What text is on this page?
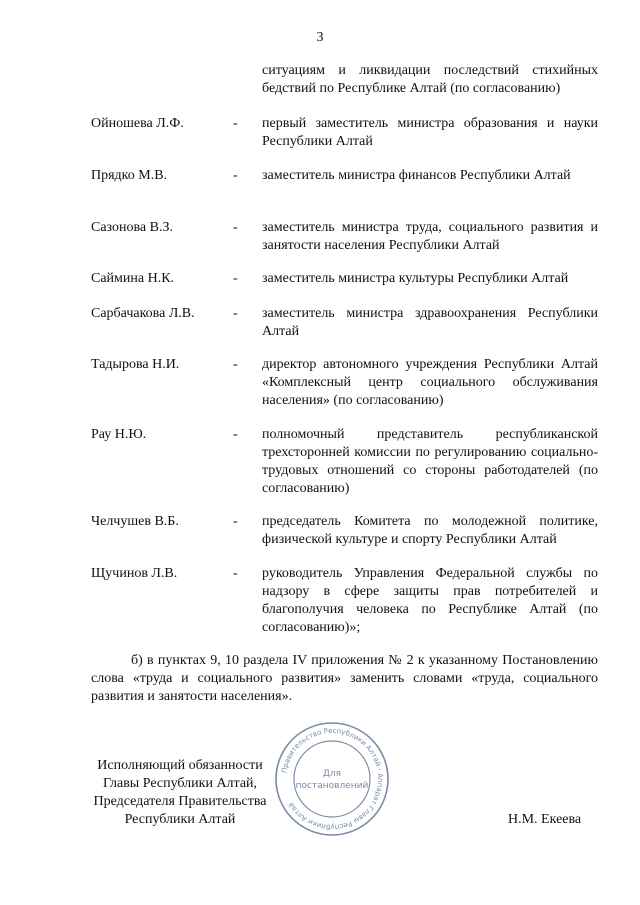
3
ситуациям и ликвидации последствий стихийных бедствий по Республике Алтай (по согласованию)
Ойношева Л.Ф.	- первый заместитель министра образования и науки Республики Алтай
Прядко М.В.	- заместитель министра финансов Республики Алтай
Сазонова В.З.	- заместитель министра труда, социального развития и занятости населения Республики Алтай
Саймина Н.К.	- заместитель министра культуры Республики Алтай
Сарбачакова Л.В.	- заместитель министра здравоохранения Республики Алтай
Тадырова Н.И.	- директор автономного учреждения Республики Алтай «Комплексный центр социального обслуживания населения» (по согласованию)
Рау Н.Ю.	- полномочный представитель республиканской трехсторонней комиссии по регулированию социально-трудовых отношений со стороны работодателей (по согласованию)
Челчушев В.Б.	- председатель Комитета по молодежной политике, физической культуре и спорту Республики Алтай
Щучинов Л.В.	- руководитель Управления Федеральной службы по надзору в сфере защиты прав потребителей и благополучия человека по Республике Алтай (по согласованию)»;
б) в пунктах 9, 10 раздела IV приложения № 2 к указанному Постановлению слова «труда и социального развития» заменить словами «труда, социального развития и занятости населения».
Исполняющий обязанности
Главы Республики Алтай,
Председателя Правительства
Республики Алтай
Правительство Республики Алтай · Аппарат Главы Республики Алтай
Для
постановлений
Н.М. Екеева
